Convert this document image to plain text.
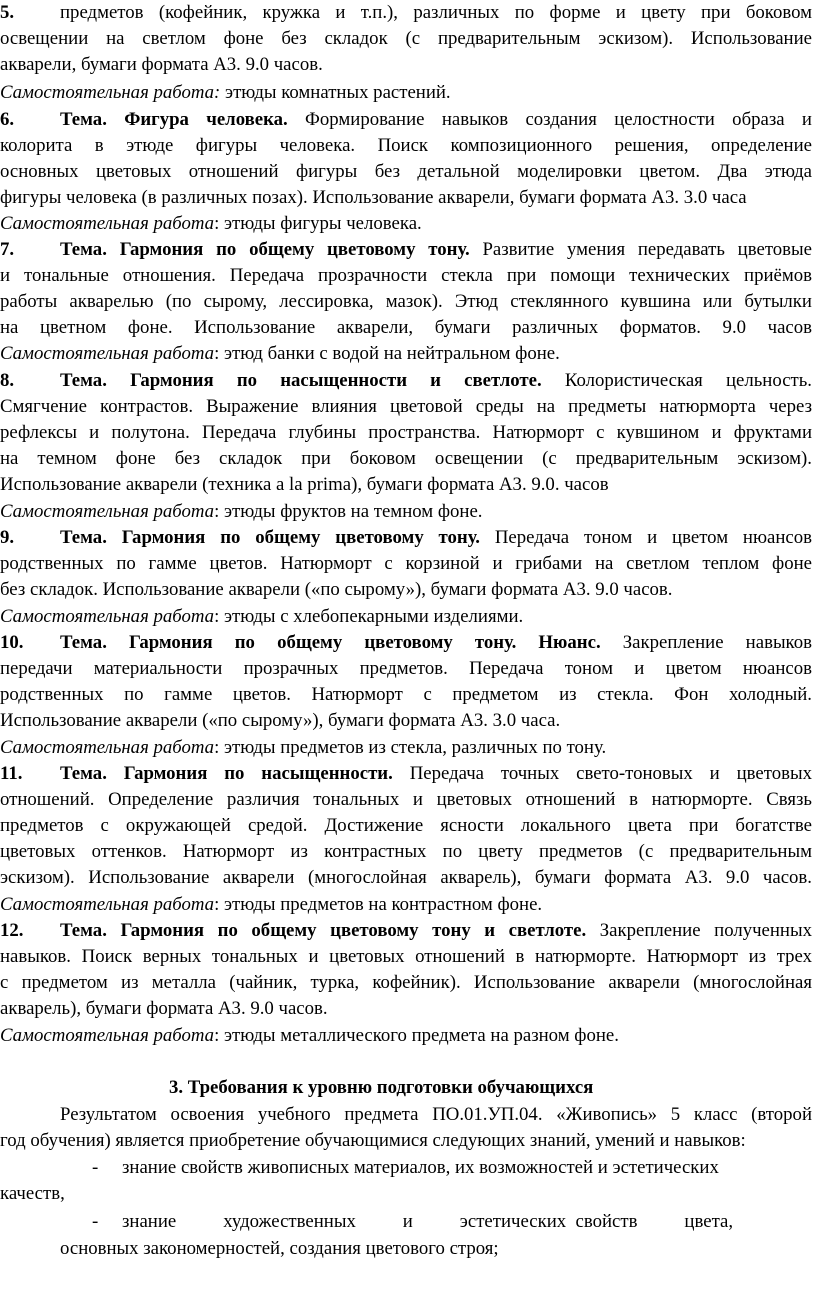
5. предметов (кофейник, кружка и т.п.), различных по форме и цвету при боковом
освещении на светлом фоне без складок (с предварительным эскизом). Использование
акварели, бумаги формата А3. 9.0 часов.
Самостоятельная работа: этюды комнатных растений.
6. Тема. Фигура человека. Формирование навыков создания целостности образа и
колорита в этюде фигуры человека. Поиск композиционного решения, определение
основных цветовых отношений фигуры без детальной моделировки цветом. Два этюда
фигуры человека (в различных позах). Использование акварели, бумаги формата А3. 3.0 часа
Самостоятельная работа: этюды фигуры человека.
7. Тема. Гармония по общему цветовому тону. Развитие умения передавать цветовые
и тональные отношения. Передача прозрачности стекла при помощи технических приёмов
работы акварелью (по сырому, лессировка, мазок). Этюд стеклянного кувшина или бутылки
на цветном фоне. Использование акварели, бумаги различных форматов. 9.0 часов
Самостоятельная работа: этюд банки с водой на нейтральном фоне.
8. Тема. Гармония по насыщенности и светлоте. Колористическая цельность.
Смягчение контрастов. Выражение влияния цветовой среды на предметы натюрморта через
рефлексы и полутона. Передача глубины пространства. Натюрморт с кувшином и фруктами
на темном фоне без складок при боковом освещении (с предварительным эскизом).
Использование акварели (техника a la prima), бумаги формата А3. 9.0. часов
Самостоятельная работа: этюды фруктов на темном фоне.
9. Тема. Гармония по общему цветовому тону. Передача тоном и цветом нюансов
родственных по гамме цветов. Натюрморт с корзиной и грибами на светлом теплом фоне
без складок. Использование акварели («по сырому»), бумаги формата А3. 9.0 часов.
Самостоятельная работа: этюды с хлебопекарными изделиями.
10. Тема. Гармония по общему цветовому тону. Нюанс. Закрепление навыков
передачи материальности прозрачных предметов. Передача тоном и цветом нюансов
родственных по гамме цветов. Натюрморт с предметом из стекла. Фон холодный.
Использование акварели («по сырому»), бумаги формата А3. 3.0 часа.
Самостоятельная работа: этюды предметов из стекла, различных по тону.
11. Тема. Гармония по насыщенности. Передача точных свето-тоновых и цветовых
отношений. Определение различия тональных и цветовых отношений в натюрморте. Связь
предметов с окружающей средой. Достижение ясности локального цвета при богатстве
цветовых оттенков. Натюрморт из контрастных по цвету предметов (с предварительным
эскизом). Использование акварели (многослойная акварель), бумаги формата А3. 9.0 часов.
Самостоятельная работа: этюды предметов на контрастном фоне.
12. Тема. Гармония по общему цветовому тону и светлоте. Закрепление полученных
навыков. Поиск верных тональных и цветовых отношений в натюрморте. Натюрморт из трех
с предметом из металла (чайник, турка, кофейник). Использование акварели (многослойная
акварель), бумаги формата А3. 9.0 часов.
Самостоятельная работа: этюды металлического предмета на разном фоне.
3. Требования к уровню подготовки обучающихся
Результатом освоения учебного предмета ПО.01.УП.04. «Живопись» 5 класс (второй
год обучения) является приобретение обучающимися следующих знаний, умений и навыков:
- знание свойств живописных материалов, их возможностей и эстетических
качеств,
- знание          художественных          и          эстетических  свойств          цвета,
основных закономерностей, создания цветового строя;
